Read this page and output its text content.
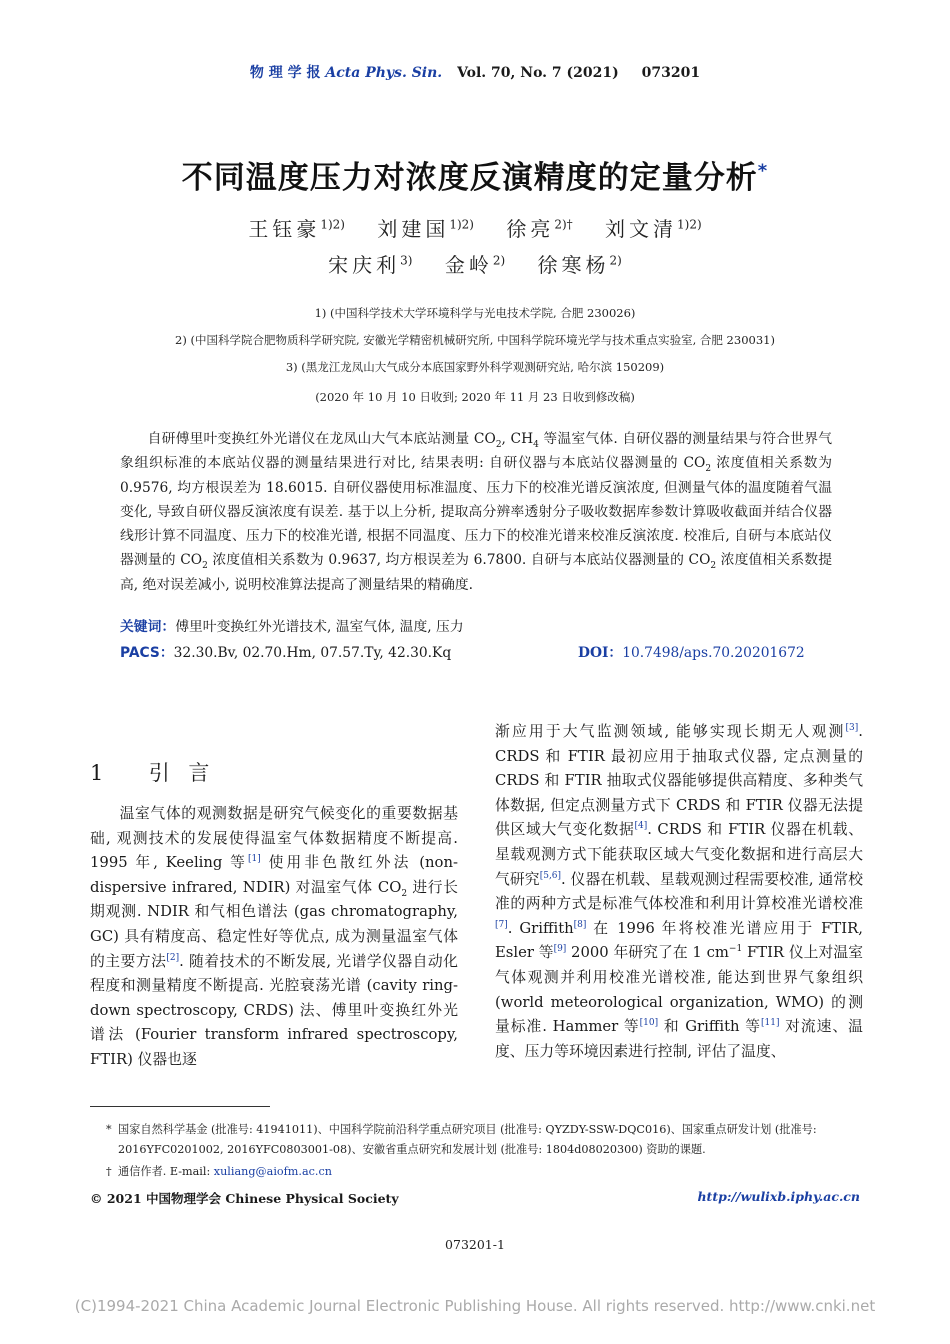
物 理 学 报 Acta Phys. Sin. Vol. 70, No. 7 (2021) 073201
不同温度压力对浓度反演精度的定量分析*
王钰豪$^{1)2)}$ 刘建国$^{1)2)}$ 徐亮$^{2)\dagger}$ 刘文清$^{1)2)}$
宋庆利$^{3)}$ 金岭$^{2)}$ 徐寒杨$^{2)}$
1) (中国科学技术大学环境科学与光电技术学院, 合肥 230026)
2) (中国科学院合肥物质科学研究院, 安徽光学精密机械研究所, 中国科学院环境光学与技术重点实验室, 合肥 230031)
3) (黑龙江龙凤山大气成分本底国家野外科学观测研究站, 哈尔滨 150209)
(2020 年 10 月 10 日收到; 2020 年 11 月 23 日收到修改稿)
自研傅里叶变换红外光谱仪在龙凤山大气本底站测量 $CO_2$, $CH_4$ 等温室气体. 自研仪器的测量结果与符合世界气象组织标准的本底站仪器的测量结果进行对比, 结果表明: 自研仪器与本底站仪器测量的 $CO_2$ 浓度值相关系数为 0.9576, 均方根误差为 18.6015. 自研仪器使用标准温度、压力下的校准光谱反演浓度, 但测量气体的温度随着气温变化, 导致自研仪器反演浓度有误差. 基于以上分析, 提取高分辨率透射分子吸收数据库参数计算吸收截面并结合仪器线形计算不同温度、压力下的校准光谱, 根据不同温度、压力下的校准光谱来校准反演浓度. 校准后, 自研与本底站仪器测量的 $CO_2$ 浓度值相关系数为 0.9637, 均方根误差为 6.7800. 自研与本底站仪器测量的 $CO_2$ 浓度值相关系数提高, 绝对误差减小, 说明校准算法提高了测量结果的精确度.
关键词：傅里叶变换红外光谱技术, 温室气体, 温度, 压力
PACS：32.30.Bv, 02.70.Hm, 07.57.Ty, 42.30.Kq	DOI：10.7498/aps.70.20201672
1 引 言

温室气体的观测数据是研究气候变化的重要数据基础, 观测技术的发展使得温室气体数据精度不断提高. 1995 年, Keeling 等[1] 使用非色散红外法 (non-dispersive infrared, NDIR) 对温室气体 $CO_2$ 进行长期观测. NDIR 和气相色谱法 (gas chromatography, GC) 具有精度高、稳定性好等优点, 成为测量温室气体的主要方法[2]. 随着技术的不断发展, 光谱学仪器自动化程度和测量精度不断提高. 光腔衰荡光谱 (cavity ring-down spectroscopy, CRDS) 法、傅里叶变换红外光谱法 (Fourier transform infrared spectroscopy, FTIR) 仪器也逐

渐应用于大气监测领域, 能够实现长期无人观测[3]. CRDS 和 FTIR 最初应用于抽取式仪器, 定点测量的 CRDS 和 FTIR 抽取式仪器能够提供高精度、多种类气体数据, 但定点测量方式下 CRDS 和 FTIR 仪器无法提供区域大气变化数据[4]. CRDS 和 FTIR 仪器在机载、星载观测方式下能获取区域大气变化数据和进行高层大气研究[5,6]. 仪器在机载、星载观测过程需要校准, 通常校准的两种方式是标准气体校准和利用计算校准光谱校准[7]. Griffith[8] 在 1996 年将校准光谱应用于 FTIR, Esler 等[9] 2000 年研究了在 1 $cm^{-1}$ FTIR 仪上对温室气体观测并利用校准光谱校准, 能达到世界气象组织 (world meteorological organization, WMO) 的测量标准. Hammer 等[10] 和 Griffith 等[11] 对流速、温度、压力等环境因素进行控制, 评估了温度、

* 国家自然科学基金 (批准号: 41941011)、中国科学院前沿科学重点研究项目 (批准号: QYZDY-SSW-DQC016)、国家重点研发计划 (批准号: 2016YFC0201002, 2016YFC0803001-08)、安徽省重点研究和发展计划 (批准号: 1804d08020300) 资助的课题.
† 通信作者. E-mail: xuliang@aiofm.ac.cn
© 2021 中国物理学会 Chinese Physical Society	http://wulixb.iphy.ac.cn
073201-1
(C)1994-2021 China Academic Journal Electronic Publishing House. All rights reserved. http://www.cnki.net
